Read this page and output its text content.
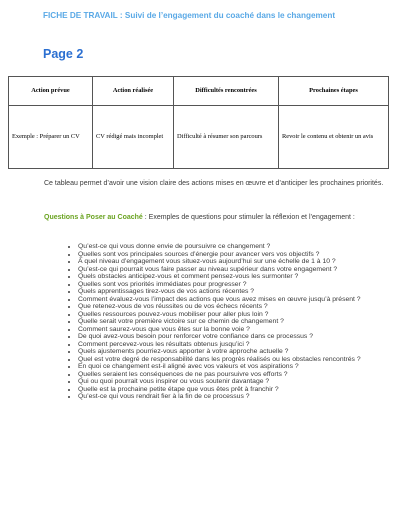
FICHE DE TRAVAIL : Suivi de l’engagement du coaché dans le changement
Page 2
Action prévue	Action réalisée	Difficultés rencontrées	Prochaines étapes
Exemple : Préparer un CV	CV rédigé mais incomplet	Difficulté à résumer son parcours	Revoir le contenu et obtenir un avis
Ce tableau permet d’avoir une vision claire des actions mises en œuvre et d’anticiper les prochaines priorités.
Questions à Poser au Coaché : Exemples de questions pour stimuler la réflexion et l’engagement :
• Qu’est-ce qui vous donne envie de poursuivre ce changement ?
• Quelles sont vos principales sources d’énergie pour avancer vers vos objectifs ?
• À quel niveau d’engagement vous situez-vous aujourd’hui sur une échelle de 1 à 10 ?
• Qu’est-ce qui pourrait vous faire passer au niveau supérieur dans votre engagement ?
• Quels obstacles anticipez-vous et comment pensez-vous les surmonter ?
• Quelles sont vos priorités immédiates pour progresser ?
• Quels apprentissages tirez-vous de vos actions récentes ?
• Comment évaluez-vous l’impact des actions que vous avez mises en œuvre jusqu’à présent ?
• Que retenez-vous de vos réussites ou de vos échecs récents ?
• Quelles ressources pouvez-vous mobiliser pour aller plus loin ?
• Quelle serait votre première victoire sur ce chemin de changement ?
• Comment saurez-vous que vous êtes sur la bonne voie ?
• De quoi avez-vous besoin pour renforcer votre confiance dans ce processus ?
• Comment percevez-vous les résultats obtenus jusqu’ici ?
• Quels ajustements pourriez-vous apporter à votre approche actuelle ?
• Quel est votre degré de responsabilité dans les progrès réalisés ou les obstacles rencontrés ?
• En quoi ce changement est-il aligné avec vos valeurs et vos aspirations ?
• Quelles seraient les conséquences de ne pas poursuivre vos efforts ?
• Qui ou quoi pourrait vous inspirer ou vous soutenir davantage ?
• Quelle est la prochaine petite étape que vous êtes prêt à franchir ?
• Qu’est-ce qui vous rendrait fier à la fin de ce processus ?
